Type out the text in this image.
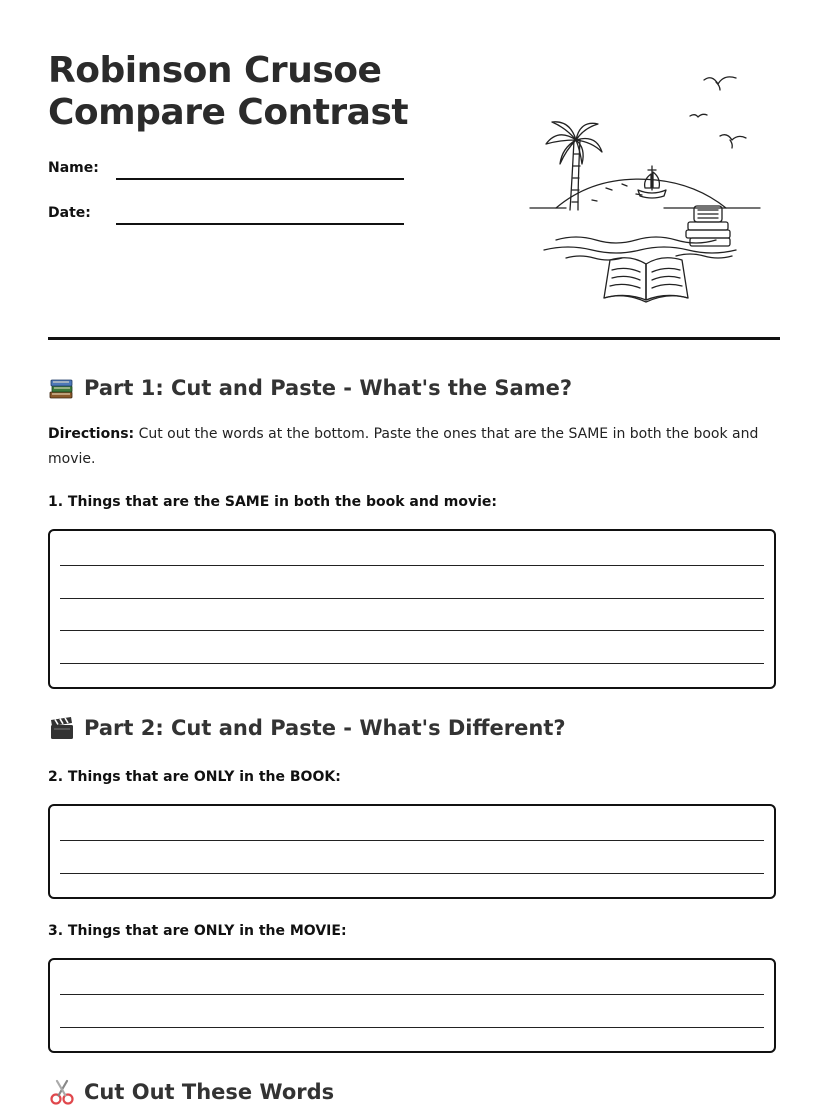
Robinson Crusoe
Compare Contrast
Name:
Date:
Part 1: Cut and Paste - What's the Same?
Directions: Cut out the words at the bottom. Paste the ones that are the SAME in both the book and movie.
1. Things that are the SAME in both the book and movie:
Part 2: Cut and Paste - What's Different?
2. Things that are ONLY in the BOOK:
3. Things that are ONLY in the MOVIE:
Cut Out These Words
